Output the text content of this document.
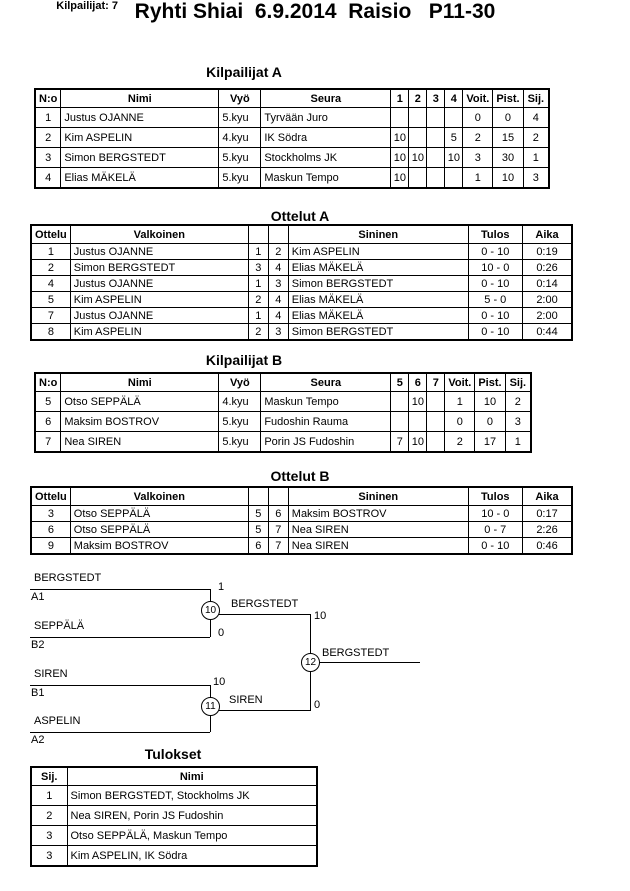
Ryhti Shiai  6.9.2014  Raisio   P11-30
Kilpailijat: 7
Kilpailijat A
N:o	Nimi	Vyö	Seura	1	2	3	4	Voit.	Pist.	Sij.
1	Justus OJANNE	5.kyu	Tyrvään Juro					0	0	4
2	Kim ASPELIN	4.kyu	IK Södra	10			5	2	15	2
3	Simon BERGSTEDT	5.kyu	Stockholms JK	10	10		10	3	30	1
4	Elias MÄKELÄ	5.kyu	Maskun Tempo	10				1	10	3
Ottelut A
Ottelu	Valkoinen			Sininen	Tulos	Aika
1	Justus OJANNE	1	2	Kim ASPELIN	0 - 10	0:19
2	Simon BERGSTEDT	3	4	Elias MÄKELÄ	10 - 0	0:26
4	Justus OJANNE	1	3	Simon BERGSTEDT	0 - 10	0:14
5	Kim ASPELIN	2	4	Elias MÄKELÄ	5 - 0	2:00
7	Justus OJANNE	1	4	Elias MÄKELÄ	0 - 10	2:00
8	Kim ASPELIN	2	3	Simon BERGSTEDT	0 - 10	0:44
Kilpailijat B
N:o	Nimi	Vyö	Seura	5	6	7	Voit.	Pist.	Sij.
5	Otso SEPPÄLÄ	4.kyu	Maskun Tempo		10		1	10	2
6	Maksim BOSTROV	5.kyu	Fudoshin Rauma				0	0	3
7	Nea SIREN	5.kyu	Porin JS Fudoshin	7	10		2	17	1
Ottelut B
Ottelu	Valkoinen			Sininen	Tulos	Aika
3	Otso SEPPÄLÄ	5	6	Maksim BOSTROV	10 - 0	0:17
6	Otso SEPPÄLÄ	5	7	Nea SIREN	0 - 7	2:26
9	Maksim BOSTROV	6	7	Nea SIREN	0 - 10	0:46
BERGSTEDT
A1
1
10
BERGSTEDT
10
SEPPÄLÄ
B2
0
12
BERGSTEDT
SIREN
B1
10
11
SIREN	0
ASPELIN
A2
Tulokset
Sij.	Nimi
1	Simon BERGSTEDT, Stockholms JK
2	Nea SIREN, Porin JS Fudoshin
3	Otso SEPPÄLÄ, Maskun Tempo
3	Kim ASPELIN, IK Södra
